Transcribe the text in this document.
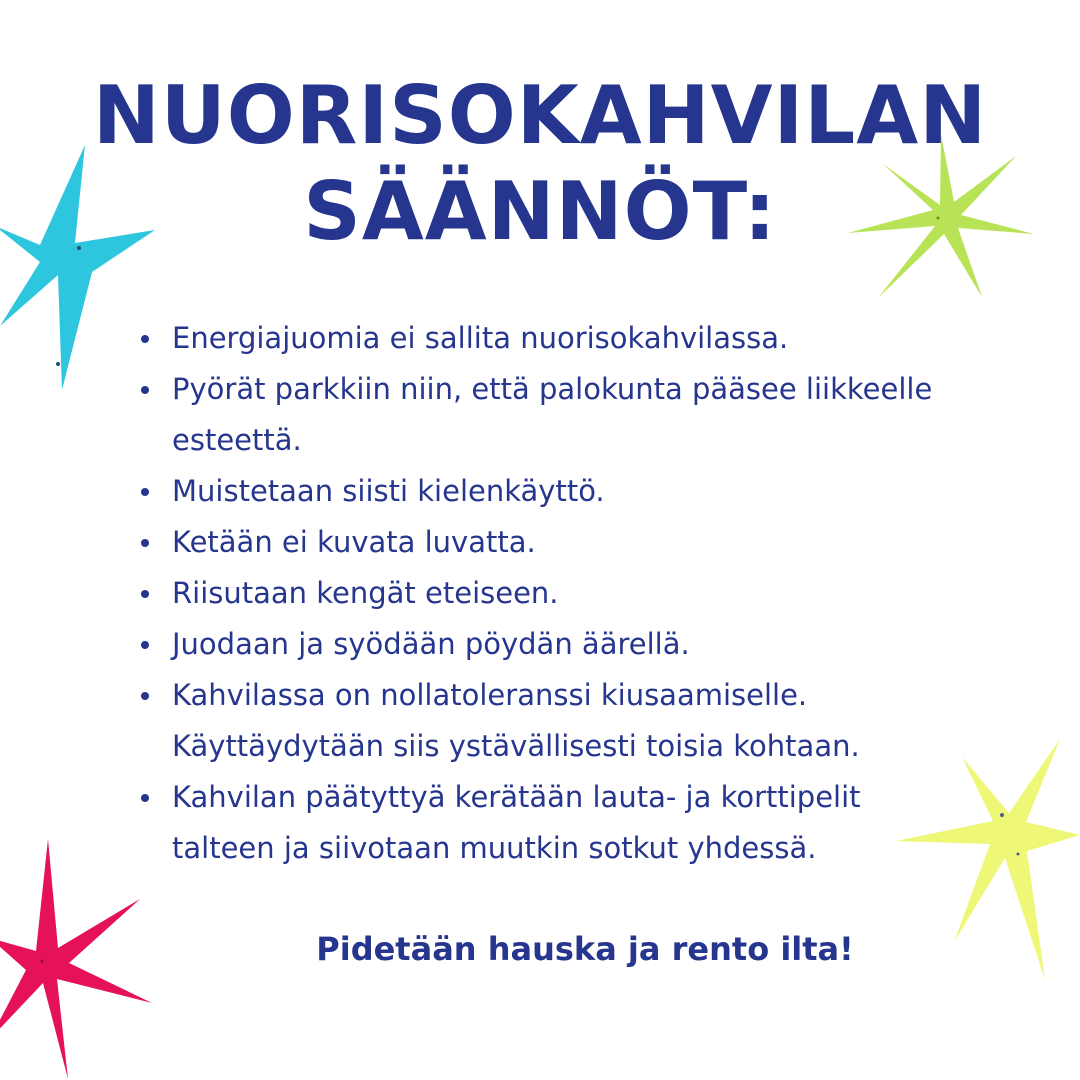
NUORISOKAHVILAN
SÄÄNNÖT:
Energiajuomia ei sallita nuorisokahvilassa.
Pyörät parkkiin niin, että palokunta pääsee liikkeelle esteettä.
Muistetaan siisti kielenkäyttö.
Ketään ei kuvata luvatta.
Riisutaan kengät eteiseen.
Juodaan ja syödään pöydän äärellä.
Kahvilassa on nollatoleranssi kiusaamiselle. Käyttäydytään siis ystävällisesti toisia kohtaan.
Kahvilan päätyttyä kerätään lauta- ja korttipelit talteen ja siivotaan muutkin sotkut yhdessä.

Pidetään hauska ja rento ilta!
